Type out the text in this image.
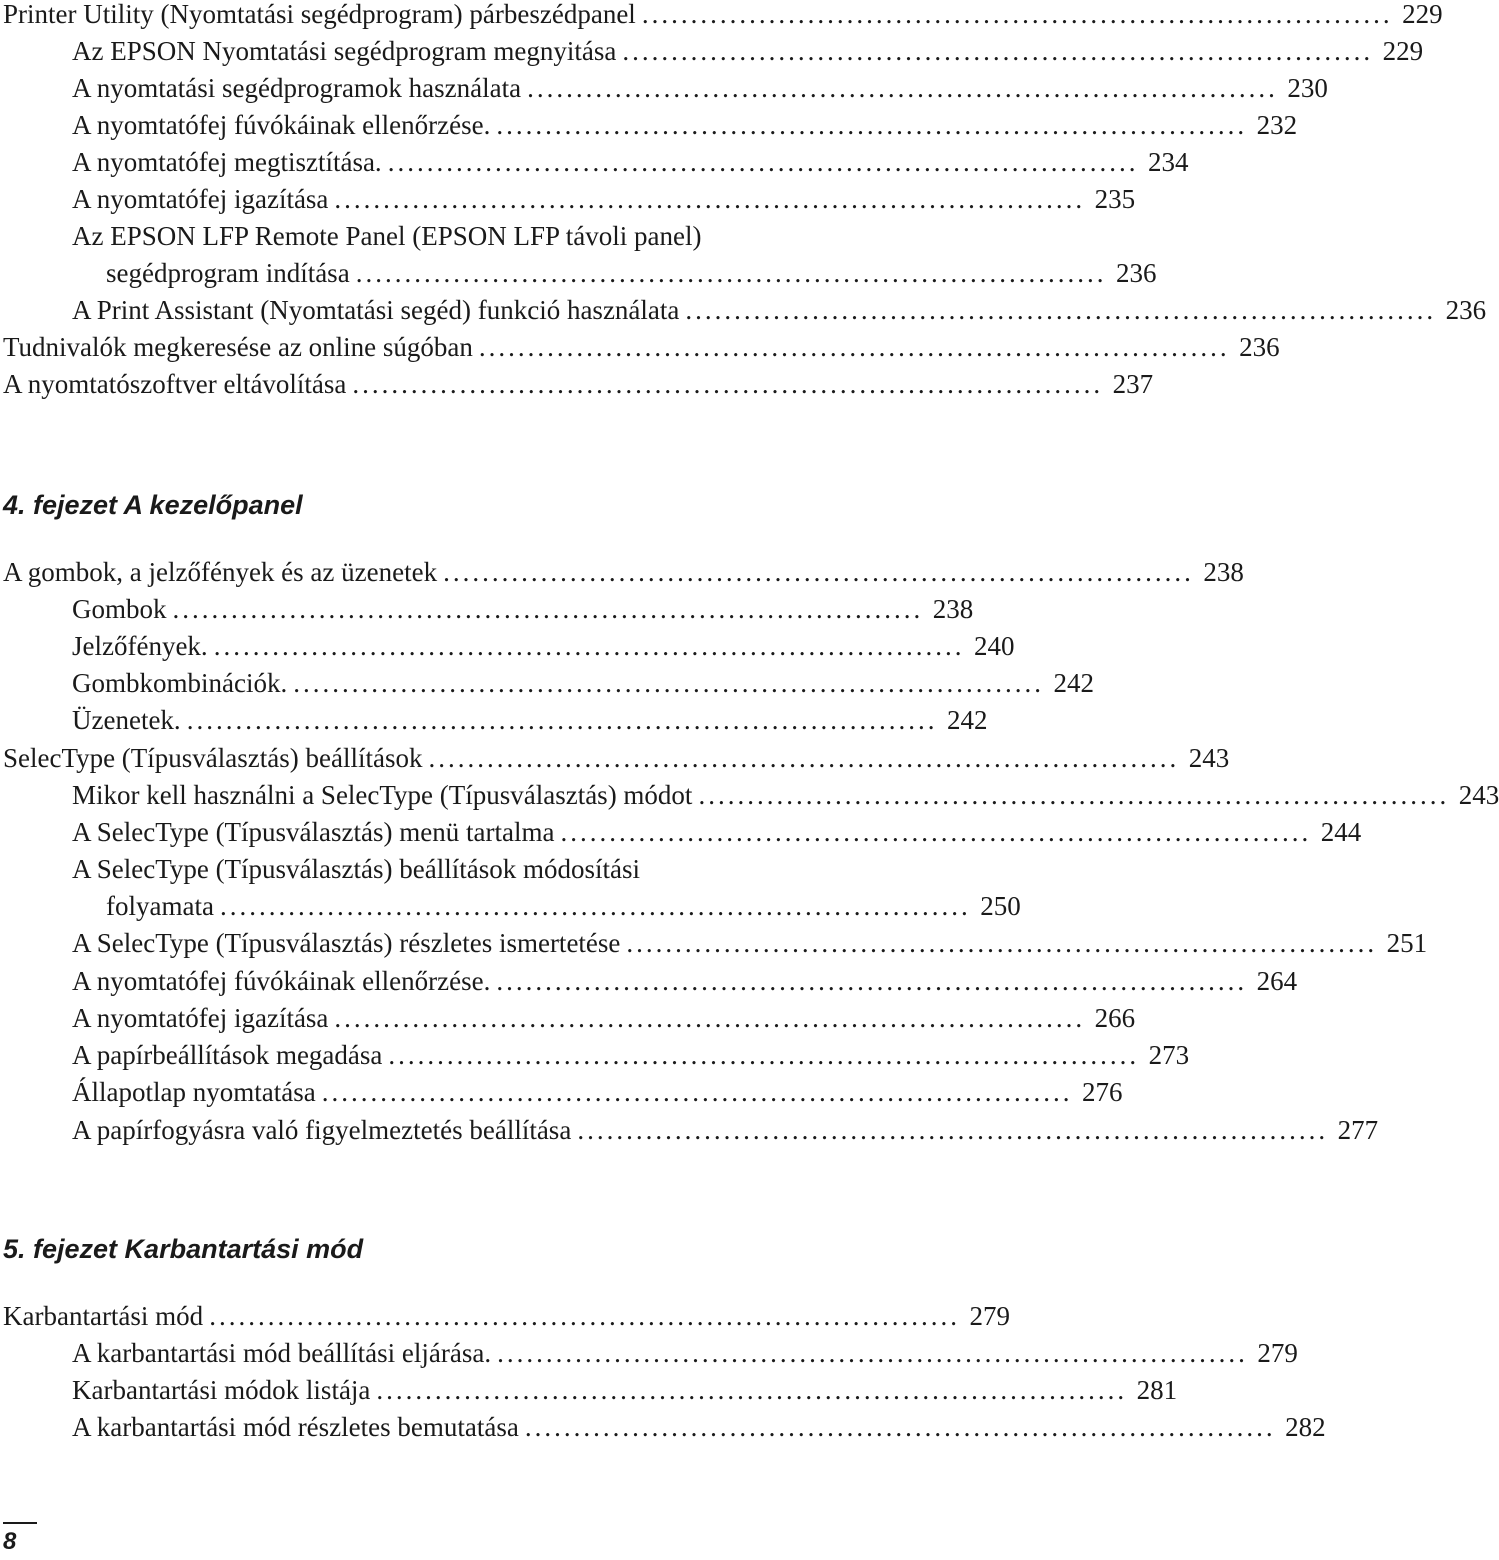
Printer Utility (Nyomtatási segédprogram) párbeszédpanel ............................................................................. 229
Az EPSON Nyomtatási segédprogram megnyitása ............................................................................. 229
A nyomtatási segédprogramok használata ............................................................................. 230
A nyomtatófej fúvókáinak ellenőrzése. ............................................................................. 232
A nyomtatófej megtisztítása. ............................................................................. 234
A nyomtatófej igazítása ............................................................................. 235
Az EPSON LFP Remote Panel (EPSON LFP távoli panel)
segédprogram indítása ............................................................................. 236
A Print Assistant (Nyomtatási segéd) funkció használata ............................................................................. 236
Tudnivalók megkeresése az online súgóban ............................................................................. 236
A nyomtatószoftver eltávolítása ............................................................................. 237
4. fejezet A kezelőpanel
A gombok, a jelzőfények és az üzenetek ............................................................................. 238
Gombok ............................................................................. 238
Jelzőfények. ............................................................................. 240
Gombkombinációk. ............................................................................. 242
Üzenetek. ............................................................................. 242
SelecType (Típusválasztás) beállítások ............................................................................. 243
Mikor kell használni a SelecType (Típusválasztás) módot ............................................................................. 243
A SelecType (Típusválasztás) menü tartalma ............................................................................. 244
A SelecType (Típusválasztás) beállítások módosítási
folyamata ............................................................................. 250
A SelecType (Típusválasztás) részletes ismertetése ............................................................................. 251
A nyomtatófej fúvókáinak ellenőrzése. ............................................................................. 264
A nyomtatófej igazítása ............................................................................. 266
A papírbeállítások megadása ............................................................................. 273
Állapotlap nyomtatása ............................................................................. 276
A papírfogyásra való figyelmeztetés beállítása ............................................................................. 277
5. fejezet Karbantartási mód
Karbantartási mód ............................................................................. 279
A karbantartási mód beállítási eljárása. ............................................................................. 279
Karbantartási módok listája ............................................................................. 281
A karbantartási mód részletes bemutatása ............................................................................. 282
8
